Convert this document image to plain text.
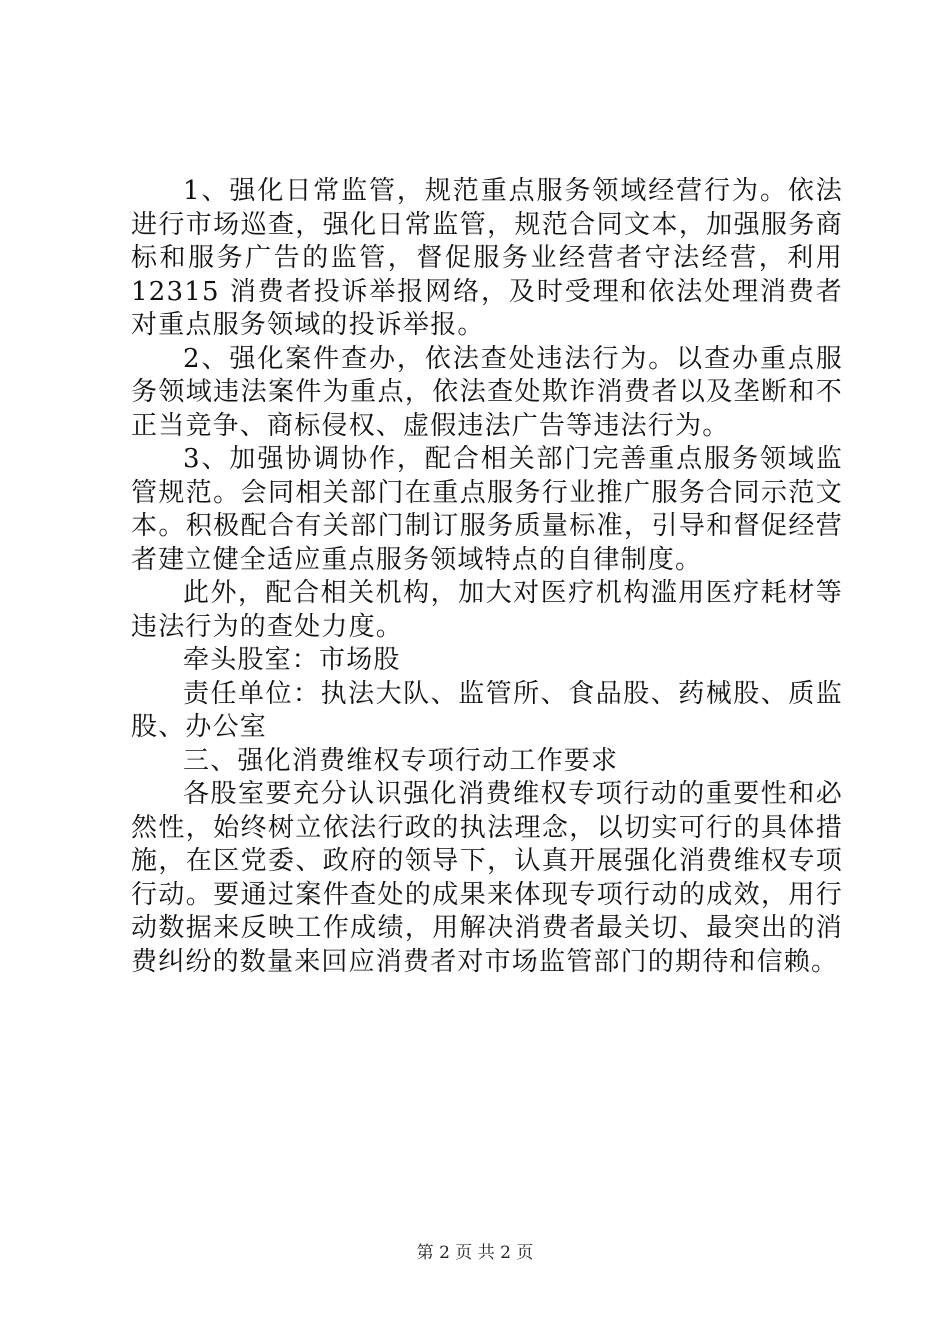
1、强化日常监管，规范重点服务领域经营行为。依法进行市场巡查，强化日常监管，规范合同文本，加强服务商标和服务广告的监管，督促服务业经营者守法经营，利用 12315 消费者投诉举报网络，及时受理和依法处理消费者对重点服务领域的投诉举报。

2、强化案件查办，依法查处违法行为。以查办重点服务领域违法案件为重点，依法查处欺诈消费者以及垄断和不正当竞争、商标侵权、虚假违法广告等违法行为。

3、加强协调协作，配合相关部门完善重点服务领域监管规范。会同相关部门在重点服务行业推广服务合同示范文本。积极配合有关部门制订服务质量标准，引导和督促经营者建立健全适应重点服务领域特点的自律制度。

此外，配合相关机构，加大对医疗机构滥用医疗耗材等违法行为的查处力度。

牵头股室：市场股

责任单位：执法大队、监管所、食品股、药械股、质监股、办公室

三、强化消费维权专项行动工作要求

各股室要充分认识强化消费维权专项行动的重要性和必然性，始终树立依法行政的执法理念，以切实可行的具体措施，在区党委、政府的领导下，认真开展强化消费维权专项行动。要通过案件查处的成果来体现专项行动的成效，用行动数据来反映工作成绩，用解决消费者最关切、最突出的消费纠纷的数量来回应消费者对市场监管部门的期待和信赖。

第 2 页 共 2 页
